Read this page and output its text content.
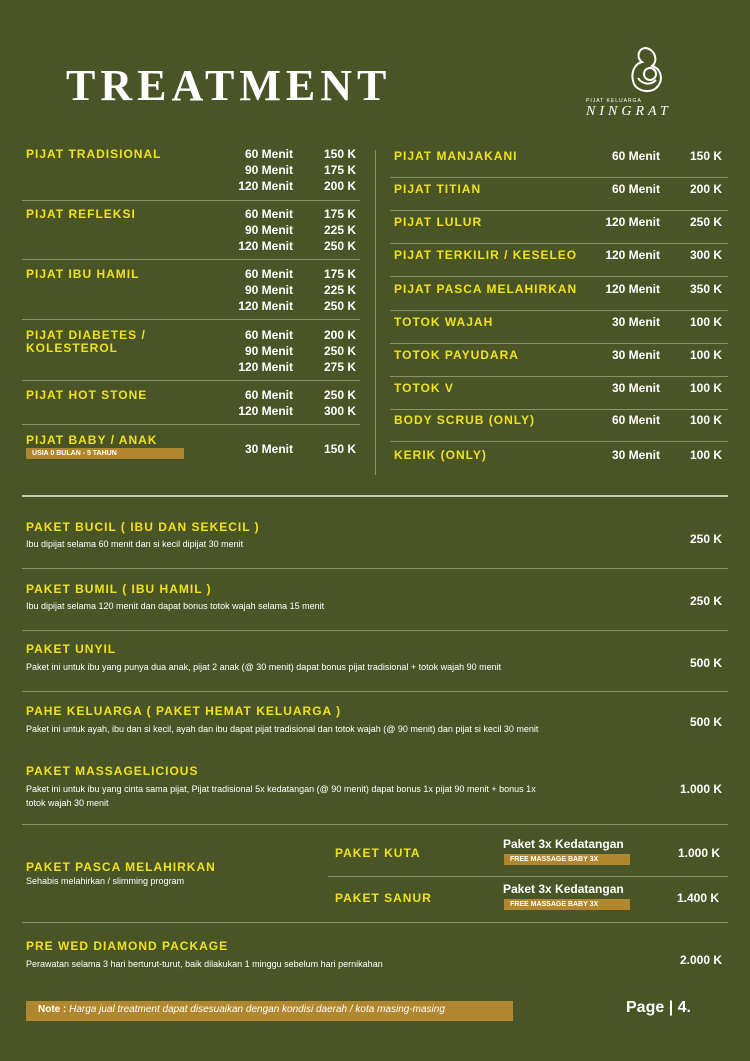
TREATMENT	PIJAT KELUARGA
NINGRAT
PIJAT TRADISIONAL	60 Menit	150 K
90 Menit	175 K
120 Menit	200 K
PIJAT REFLEKSI	60 Menit	175 K
90 Menit	225 K
120 Menit	250 K
PIJAT IBU HAMIL	60 Menit	175 K
90 Menit	225 K
120 Menit	250 K
PIJAT DIABETES /
KOLESTEROL
60 Menit	200 K
90 Menit	250 K
120 Menit	275 K
PIJAT HOT STONE	60 Menit	250 K
120 Menit	300 K
PIJAT BABY / ANAK
USIA 0 BULAN - 5 TAHUN	30 Menit	150 K
PIJAT MANJAKANI	60 Menit 150 K
PIJAT TITIAN	60 Menit 200 K
PIJAT LULUR	120 Menit 250 K
PIJAT TERKILIR / KESELEO 120 Menit 300 K
PIJAT PASCA MELAHIRKAN 120 Menit 350 K
TOTOK WAJAH	30 Menit 100 K
TOTOK PAYUDARA	30 Menit 100 K
TOTOK V	30 Menit 100 K
BODY SCRUB (ONLY)	60 Menit 100 K
KERIK (ONLY)	30 Menit 100 K
PAKET BUCIL ( IBU DAN SEKECIL )
Ibu dipijat selama 60 menit dan si kecil dipijat 30 menit	250 K
PAKET BUMIL ( IBU HAMIL )
Ibu dipijat selama 120 menit dan dapat bonus totok wajah selama 15 menit	250 K
PAKET UNYIL
Paket ini untuk ibu yang punya dua anak, pijat 2 anak (@ 30 menit) dapat bonus pijat tradisional + totok wajah 90 menit	500 K
PAHE KELUARGA ( PAKET HEMAT KELUARGA )
Paket ini untuk ayah, ibu dan si kecil, ayah dan ibu dapat pijat tradisional dan totok wajah (@ 90 menit) dan pijat si kecil 30 menit	500 K
PAKET MASSAGELICIOUS
Paket ini untuk ibu yang cinta sama pijat, Pijat tradisional 5x kedatangan (@ 90 menit) dapat bonus 1x pijat 90 menit + bonus 1x
totok wajah 30 menit
1.000 K
PAKET PASCA MELAHIRKAN
Sehabis melahirkan / slimming program
PAKET KUTA
Paket 3x Kedatangan
FREE MASSAGE BABY 3X	1.000 K
PAKET SANUR
Paket 3x Kedatangan
FREE MASSAGE BABY 3X	1.400 K
PRE WED DIAMOND PACKAGE
Perawatan selama 3 hari berturut-turut, baik dilakukan 1 minggu sebelum hari pernikahan	2.000 K
Note : Harga jual treatment dapat disesuaikan dengan kondisi daerah / kota masing-masing	Page | 4.
